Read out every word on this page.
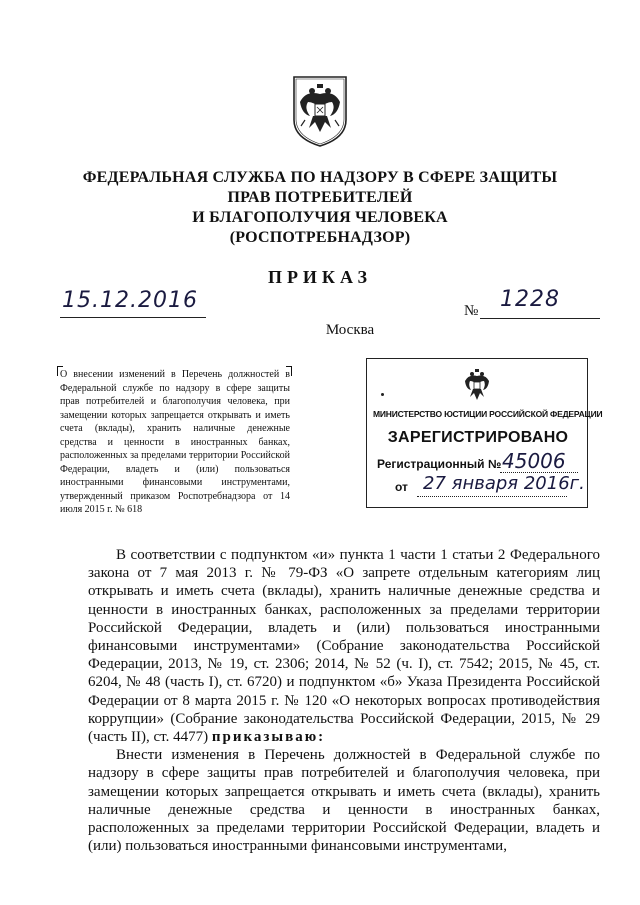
ФЕДЕРАЛЬНАЯ СЛУЖБА ПО НАДЗОРУ В СФЕРЕ ЗАЩИТЫ
ПРАВ ПОТРЕБИТЕЛЕЙ
И БЛАГОПОЛУЧИЯ ЧЕЛОВЕКА
(РОСПОТРЕБНАДЗОР)
ПРИКАЗ
15.12.2016	№ 1228
Москва
О внесении изменений в Перечень должностей в Федеральной службе по надзору в сфере защиты прав потребителей и благополучия человека, при замещении которых запрещается открывать и иметь счета (вклады), хранить наличные денежные средства и ценности в иностранных банках, расположенных за пределами территории Российской Федерации, владеть и (или) пользоваться иностранными финансовыми инструментами, утвержденный приказом Роспотребнадзора от 14 июля 2015 г. № 618
МИНИСТЕРСТВО ЮСТИЦИИ РОССИЙСКОЙ ФЕДЕРАЦИИ
ЗАРЕГИСТРИРОВАНО
Регистрационный № 45006
от 27 января 2016г.

В соответствии с подпунктом «и» пункта 1 части 1 статьи 2 Федерального закона от 7 мая 2013 г. № 79-ФЗ «О запрете отдельным категориям лиц открывать и иметь счета (вклады), хранить наличные денежные средства и ценности в иностранных банках, расположенных за пределами территории Российской Федерации, владеть и (или) пользоваться иностранными финансовыми инструментами» (Собрание законодательства Российской Федерации, 2013, № 19, ст. 2306; 2014, № 52 (ч. I), ст. 7542; 2015, № 45, ст. 6204, № 48 (часть I), ст. 6720) и подпунктом «б» Указа Президента Российской Федерации от 8 марта 2015 г. № 120 «О некоторых вопросах противодействия коррупции» (Собрание законодательства Российской Федерации, 2015, № 29 (часть II), ст. 4477) приказываю:

Внести изменения в Перечень должностей в Федеральной службе по надзору в сфере защиты прав потребителей и благополучия человека, при замещении которых запрещается открывать и иметь счета (вклады), хранить наличные денежные средства и ценности в иностранных банках, расположенных за пределами территории Российской Федерации, владеть и (или) пользоваться иностранными финансовыми инструментами,
